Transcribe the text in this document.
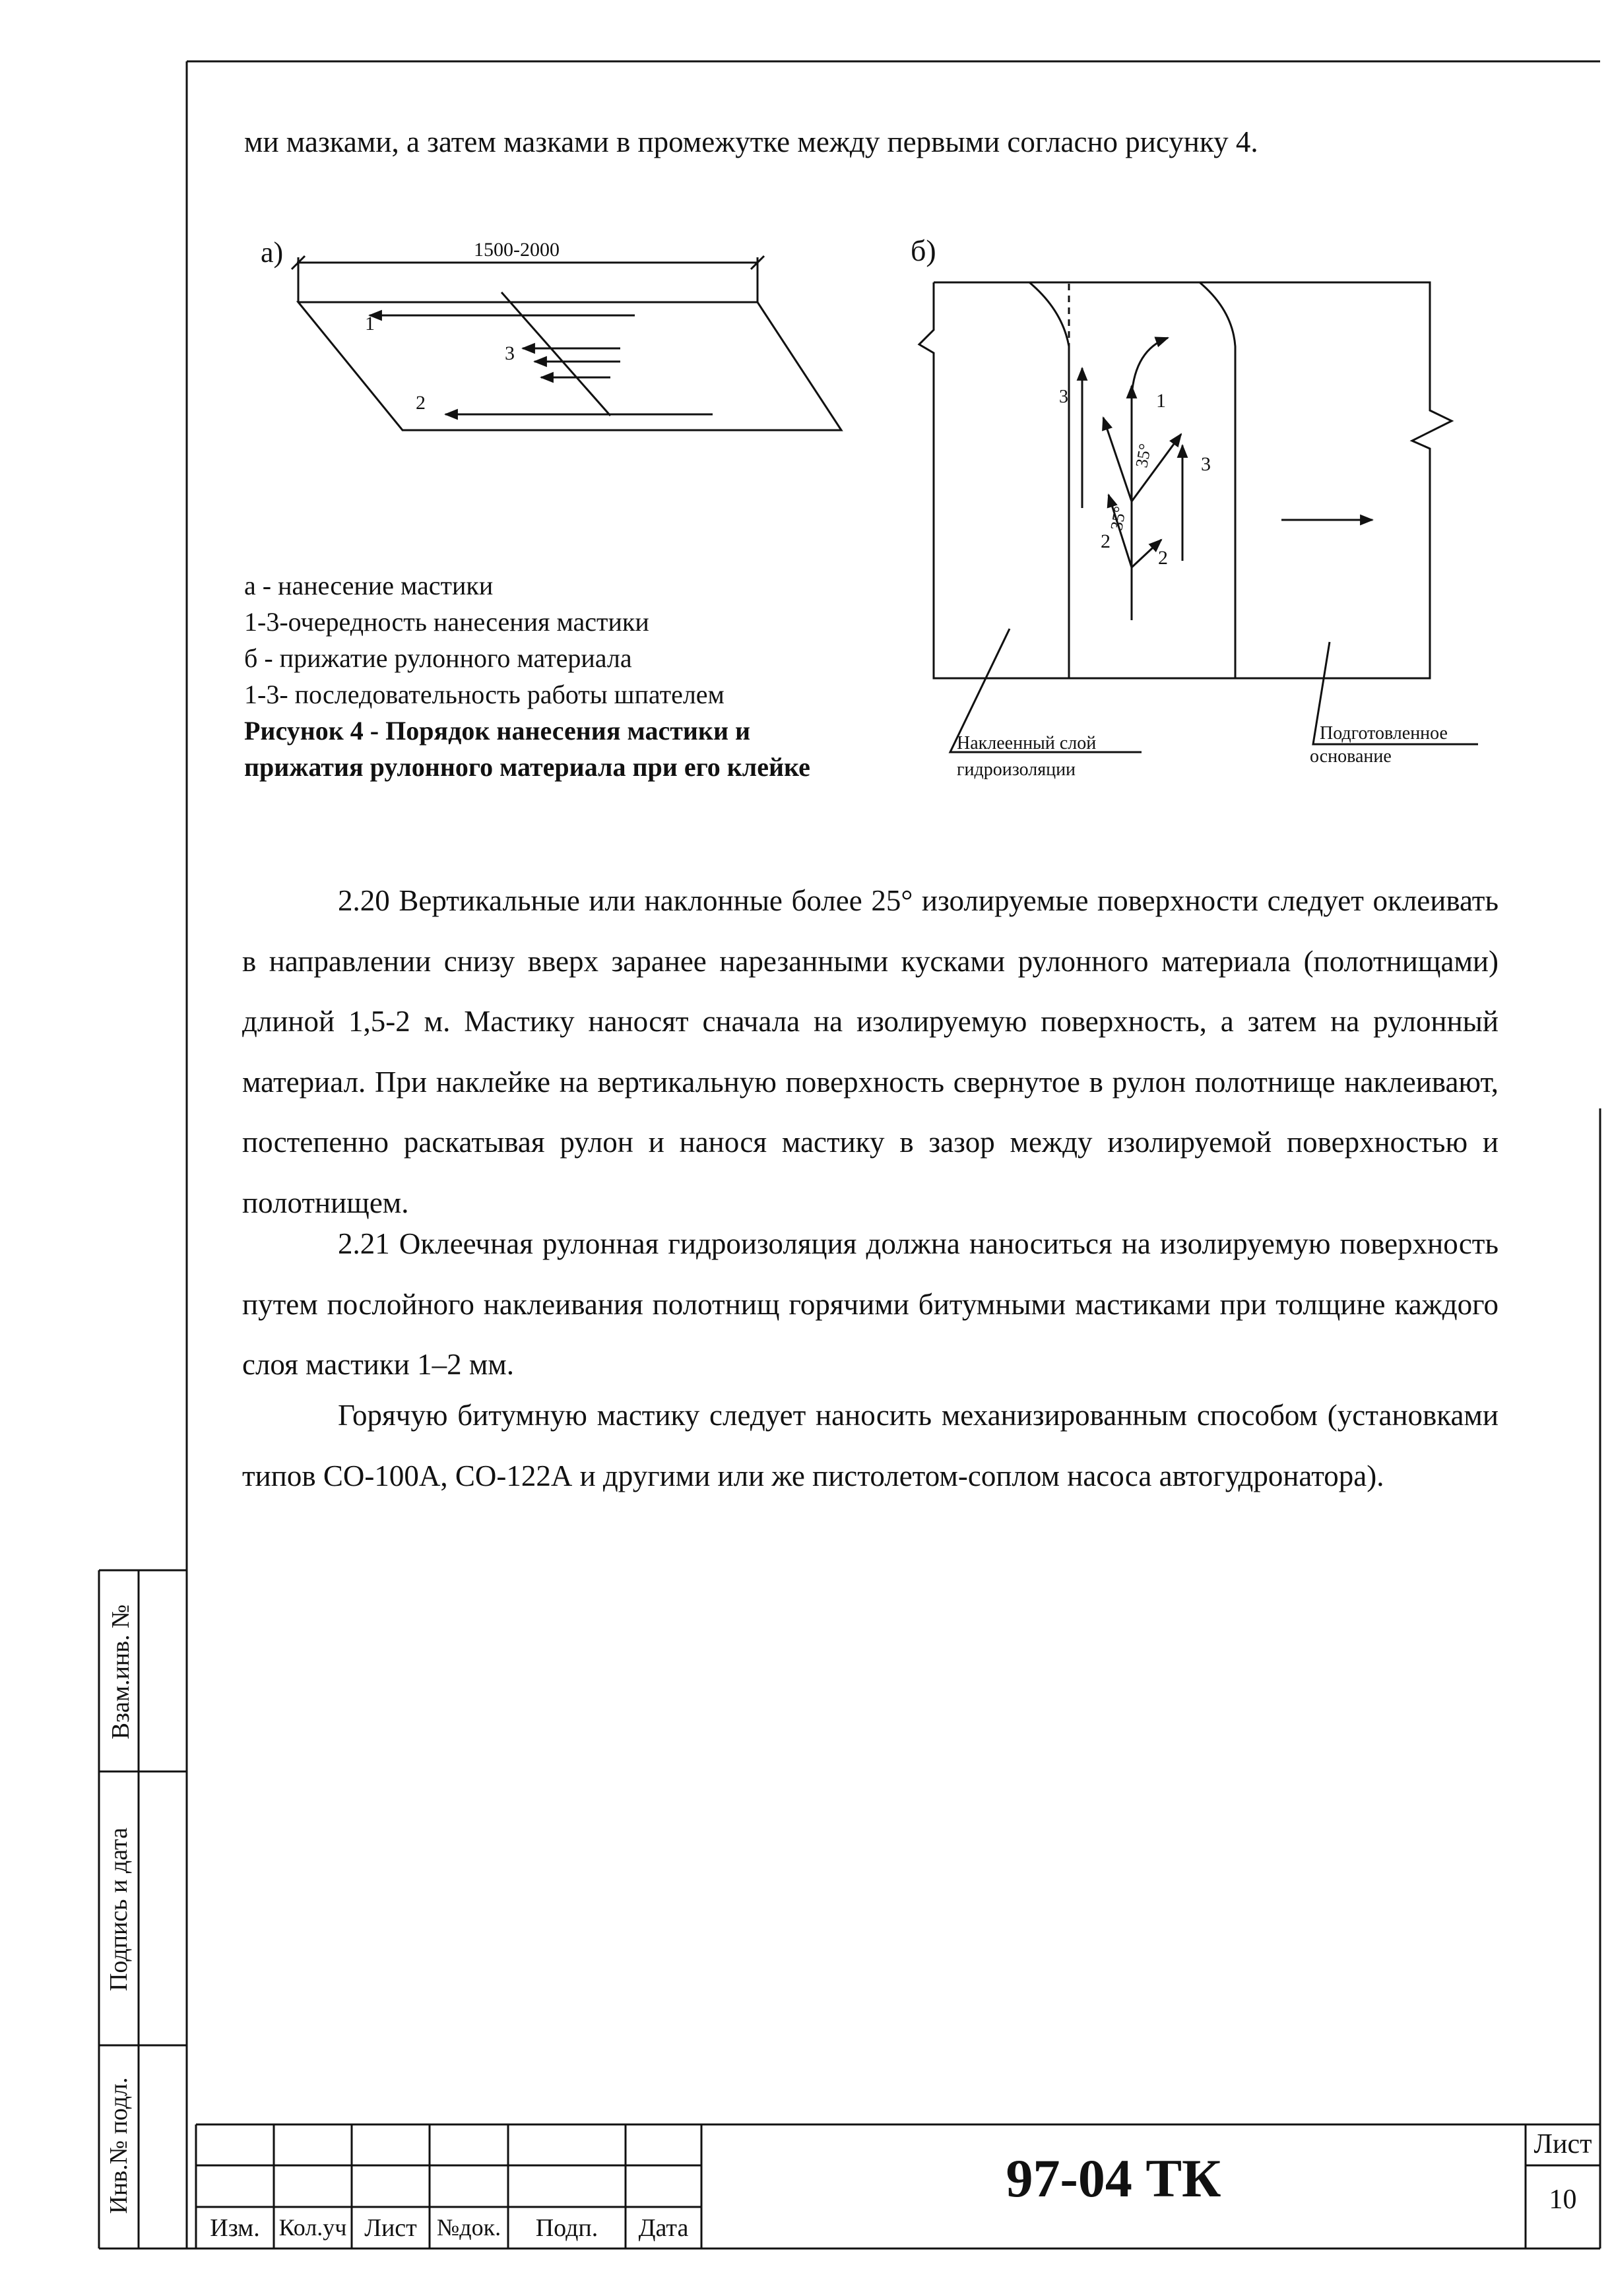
ми мазками, а затем мазками в промежутке между первыми согласно рисунку 4.
а)	1500-2000
1
3
2
б)
3	1
3
35°
35°
2
2
Наклеенный слой
гидроизоляции
Подготовленное
основание
а - нанесение мастики
1-3-очередность нанесения мастики
б - прижатие рулонного материала
1-3- последовательность работы шпателем
Рисунок 4 - Порядок нанесения мастики и прижатия рулонного материала при его клейке
2.20 Вертикальные или наклонные более 25° изолируемые поверхности следует оклеивать в направлении снизу вверх заранее нарезанными кусками рулонного материала (полотнищами) длиной 1,5-2 м. Мастику наносят сначала на изолируемую поверхность, а затем на рулонный материал. При наклейке на вертикальную поверхность свернутое в рулон полотнище наклеивают, постепенно раскатывая рулон и нанося мастику в зазор между изолируемой поверхностью и полотнищем.
2.21 Оклеечная рулонная гидроизоляция должна наноситься на изолируемую поверхность путем послойного наклеивания полотнищ горячими битумными мастиками при толщине каждого слоя мастики 1–2 мм.
Горячую битумную мастику следует наносить механизированным способом (установками типов СО-100А, СО-122А и другими или же пистолетом-соплом насоса автогудронатора).
Взам.инв. №
Подпись и дата
Инв.№ подл.
Изм. Кол.уч Лист №док.	Подп.	Дата
97-04 ТК
Лист
10
